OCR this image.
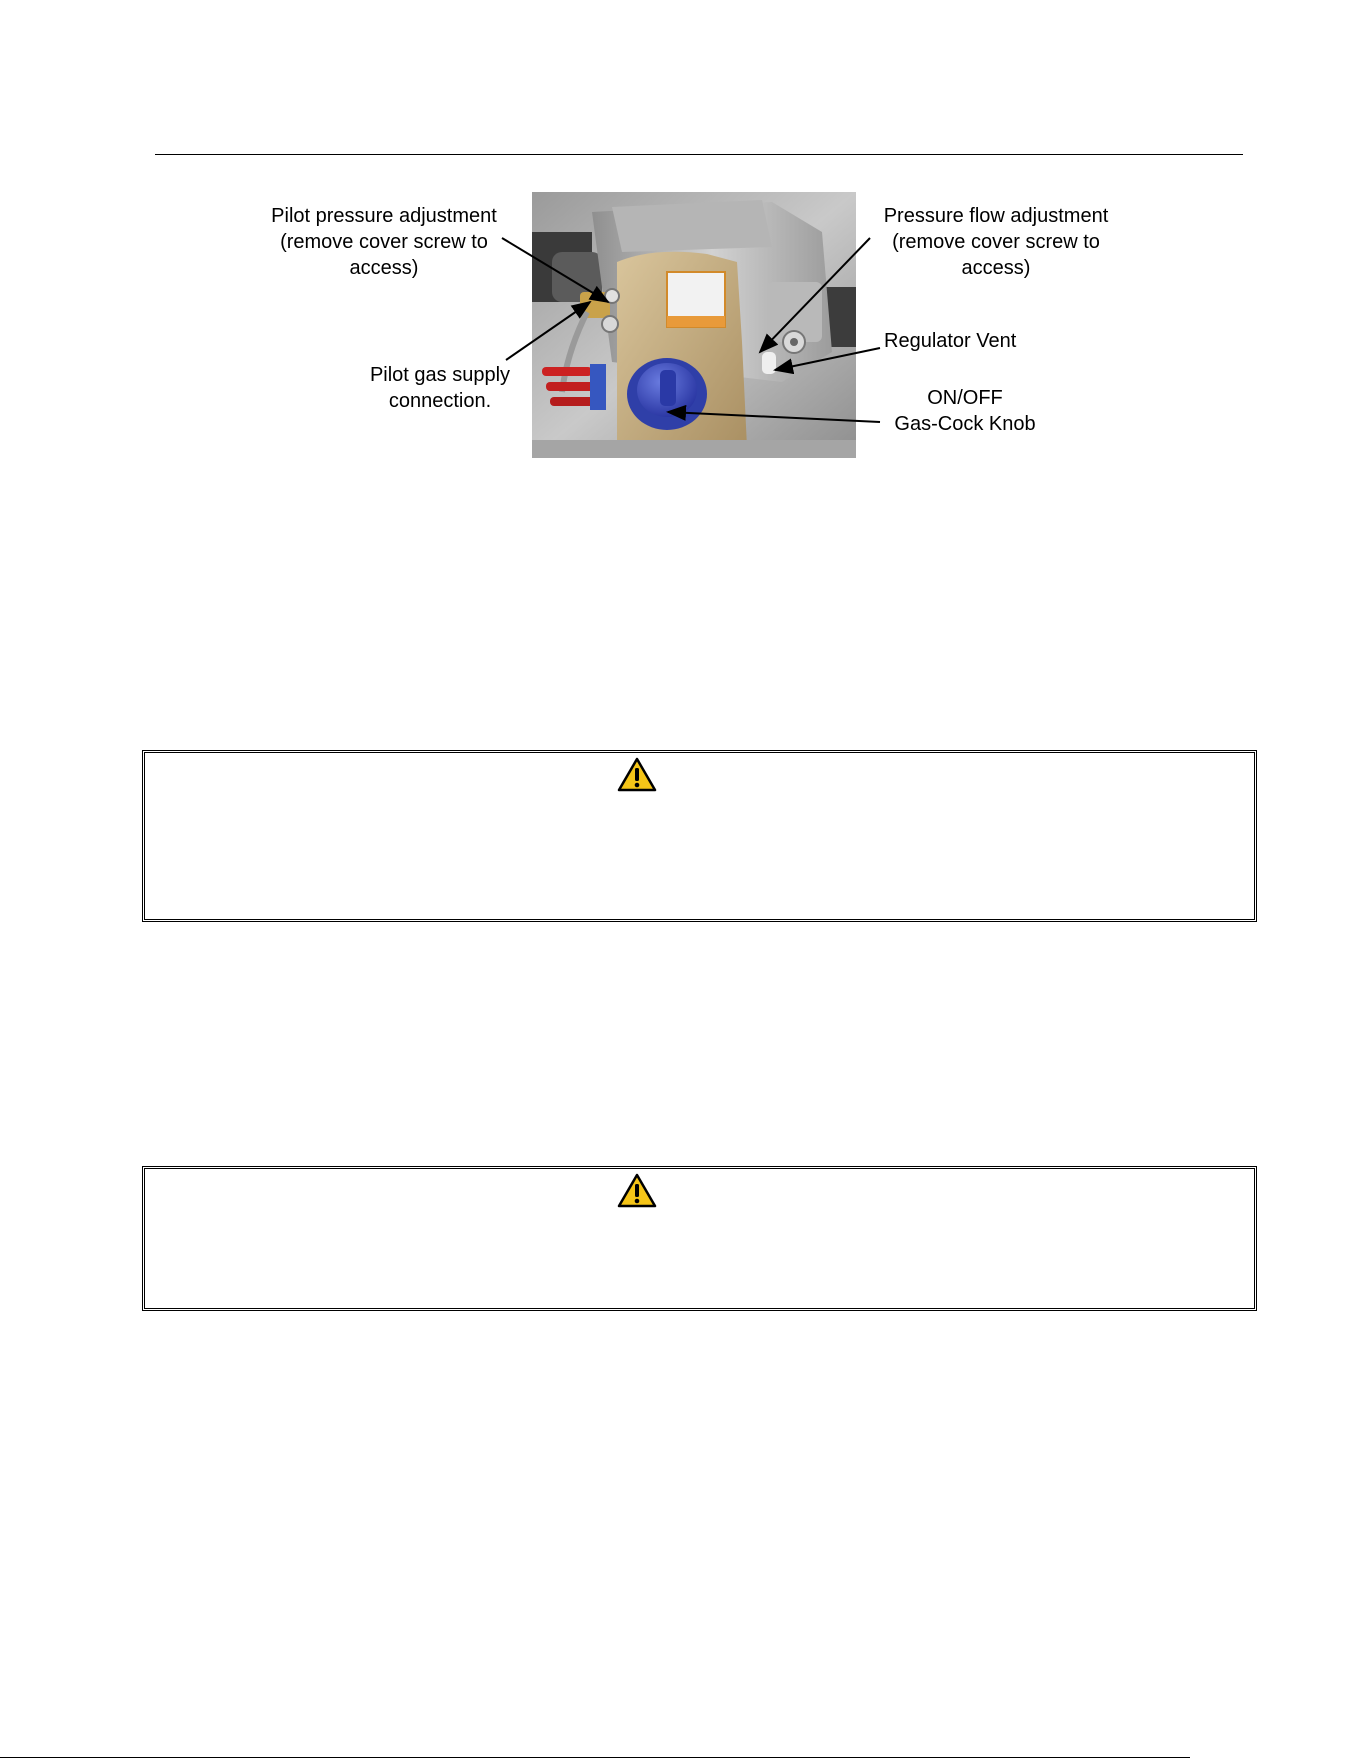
Pilot pressure adjustment
(remove cover screw to
access)
Pressure flow adjustment
(remove cover screw to
access)
Regulator Vent
Pilot gas supply
connection.	ON/OFF
Gas-Cock Knob
